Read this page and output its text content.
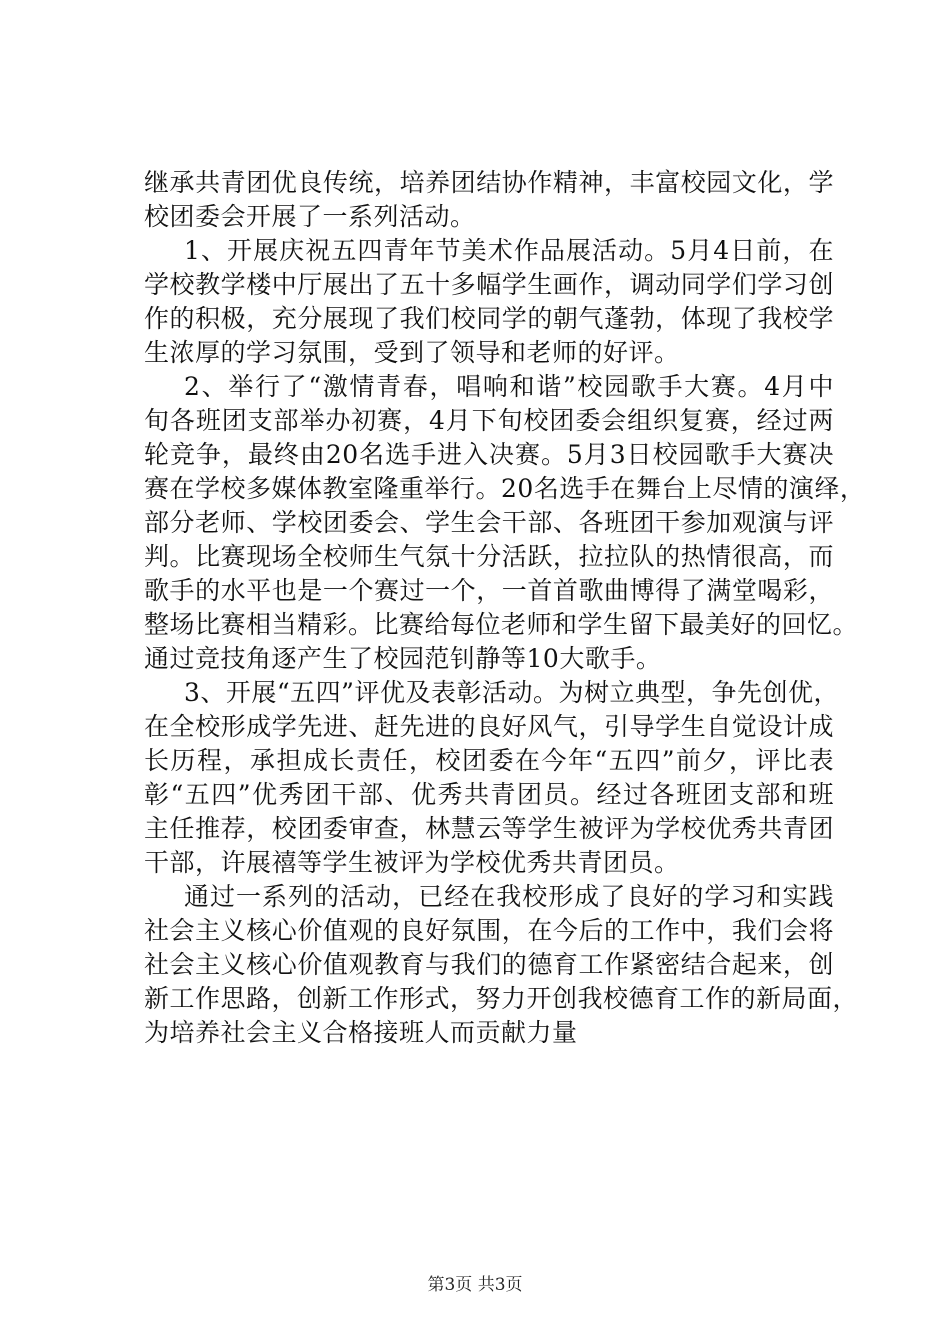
继承共青团优良传统，培养团结协作精神，丰富校园文化，学
校团委会开展了一系列活动。
1、开展庆祝五四青年节美术作品展活动。5月4日前，在
学校教学楼中厅展出了五十多幅学生画作，调动同学们学习创
作的积极，充分展现了我们校同学的朝气蓬勃，体现了我校学
生浓厚的学习氛围，受到了领导和老师的好评。
2、举行了“激情青春，唱响和谐”校园歌手大赛。4月中
旬各班团支部举办初赛，4月下旬校团委会组织复赛，经过两
轮竞争，最终由20名选手进入决赛。5月3日校园歌手大赛决
赛在学校多媒体教室隆重举行。20名选手在舞台上尽情的演绎，
部分老师、学校团委会、学生会干部、各班团干参加观演与评
判。比赛现场全校师生气氛十分活跃，拉拉队的热情很高，而
歌手的水平也是一个赛过一个，一首首歌曲博得了满堂喝彩，
整场比赛相当精彩。比赛给每位老师和学生留下最美好的回忆。
通过竞技角逐产生了校园范钊静等10大歌手。
3、开展“五四”评优及表彰活动。为树立典型，争先创优，
在全校形成学先进、赶先进的良好风气，引导学生自觉设计成
长历程，承担成长责任，校团委在今年“五四”前夕，评比表
彰“五四”优秀团干部、优秀共青团员。经过各班团支部和班
主任推荐，校团委审查，林慧云等学生被评为学校优秀共青团
干部，许展禧等学生被评为学校优秀共青团员。
通过一系列的活动，已经在我校形成了良好的学习和实践
社会主义核心价值观的良好氛围，在今后的工作中，我们会将
社会主义核心价值观教育与我们的德育工作紧密结合起来，创
新工作思路，创新工作形式，努力开创我校德育工作的新局面，
为培养社会主义合格接班人而贡献力量
第3页 共3页
